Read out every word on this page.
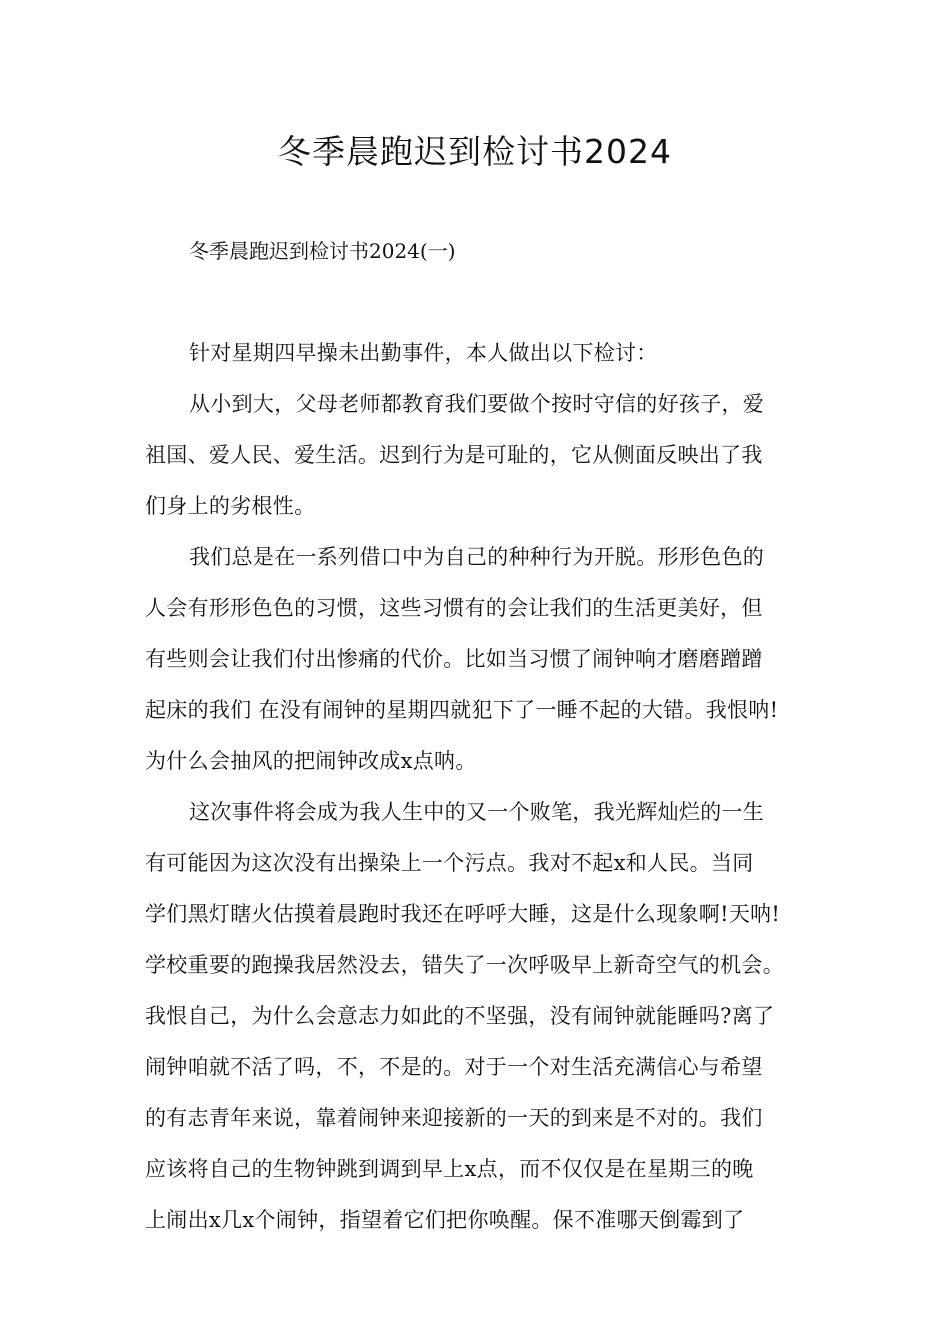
冬季晨跑迟到检讨书2024

冬季晨跑迟到检讨书2024(一)

针对星期四早操未出勤事件，本人做出以下检讨：
从小到大，父母老师都教育我们要做个按时守信的好孩子，爱
祖国、爱人民、爱生活。迟到行为是可耻的，它从侧面反映出了我
们身上的劣根性。
我们总是在一系列借口中为自己的种种行为开脱。形形色色的
人会有形形色色的习惯，这些习惯有的会让我们的生活更美好，但
有些则会让我们付出惨痛的代价。比如当习惯了闹钟响才磨磨蹭蹭
起床的我们 在没有闹钟的星期四就犯下了一睡不起的大错。我恨呐!
为什么会抽风的把闹钟改成x点呐。
这次事件将会成为我人生中的又一个败笔，我光辉灿烂的一生
有可能因为这次没有出操染上一个污点。我对不起x和人民。当同
学们黑灯瞎火估摸着晨跑时我还在呼呼大睡，这是什么现象啊!天呐!
学校重要的跑操我居然没去，错失了一次呼吸早上新奇空气的机会。
我恨自己，为什么会意志力如此的不坚强，没有闹钟就能睡吗?离了
闹钟咱就不活了吗，不，不是的。对于一个对生活充满信心与希望
的有志青年来说，靠着闹钟来迎接新的一天的到来是不对的。我们
应该将自己的生物钟跳到调到早上x点，而不仅仅是在星期三的晚
上闹出x几x个闹钟，指望着它们把你唤醒。保不准哪天倒霉到了
